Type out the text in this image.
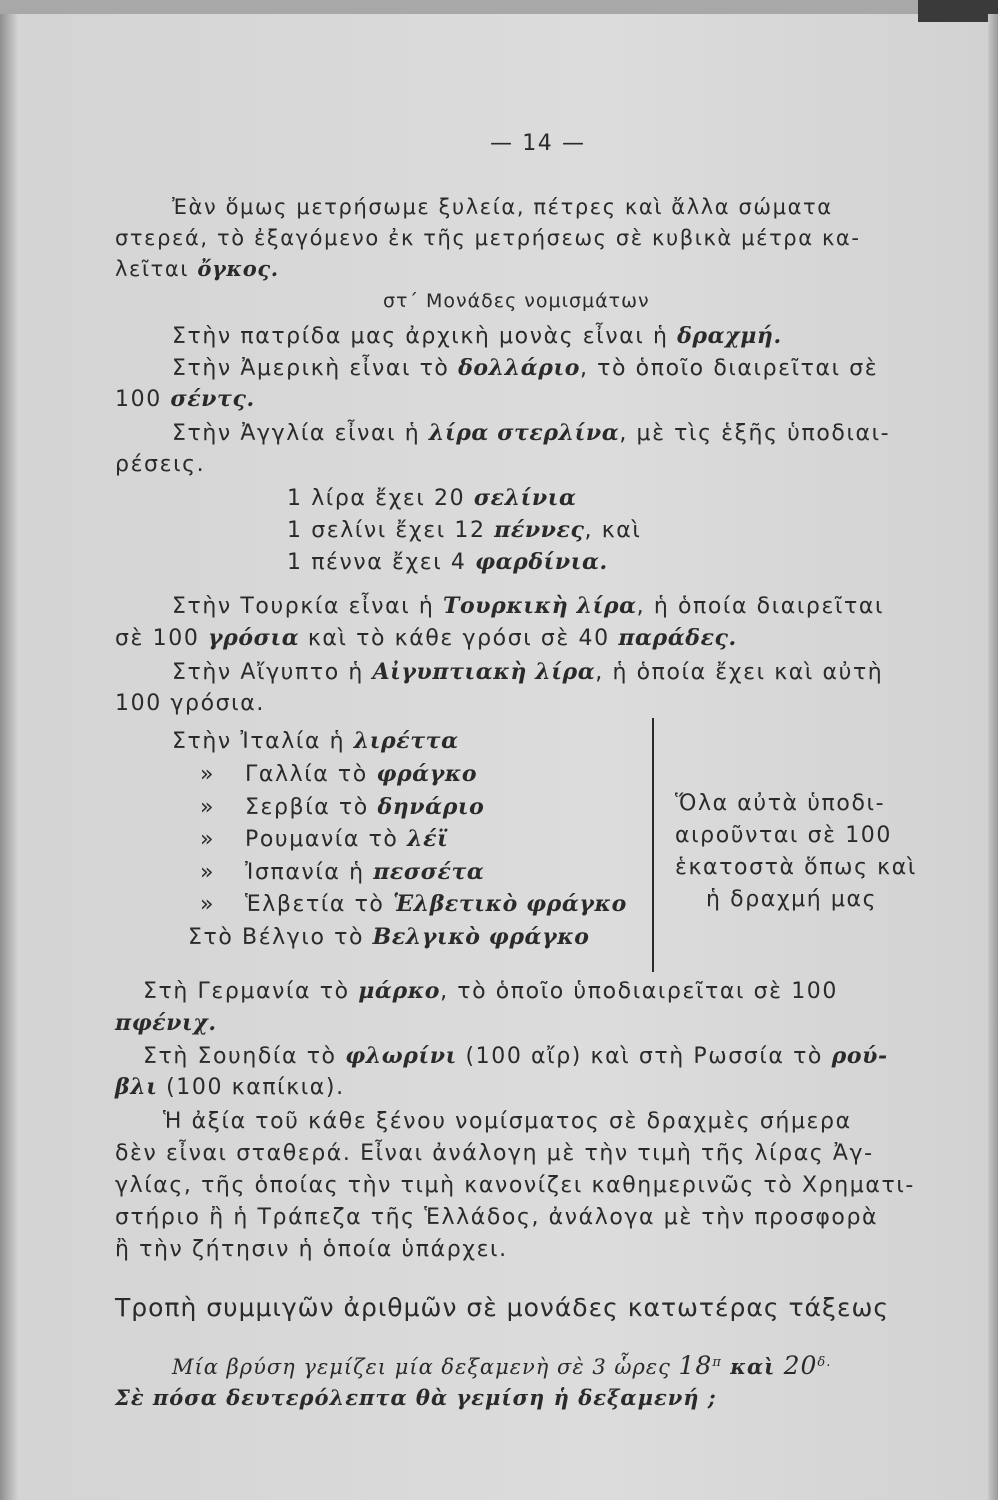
— 14 —
Ἐὰν ὅμως μετρήσωμε ξυλεία, πέτρες καὶ ἄλλα σώματα
στερεά, τὸ ἐξαγόμενο ἐκ τῆς μετρήσεως σὲ κυβικὰ μέτρα κα-
λεῖται ὄγκος.
στ΄ Μονάδες νομισμάτων
Στὴν πατρίδα μας ἀρχικὴ μονὰς εἶναι ἡ δραχμή.
Στὴν Ἀμερικὴ εἶναι τὸ δολλάριο, τὸ ὁποῖο διαιρεῖται σὲ
100 σέντς.
Στὴν Ἀγγλία εἶναι ἡ λίρα στερλίνα, μὲ τὶς ἑξῆς ὑποδιαι-
ρέσεις.
1 λίρα ἔχει 20 σελίνια
1 σελίνι ἔχει 12 πέννες, καὶ
1 πέννα ἔχει 4 φαρδίνια.
Στὴν Τουρκία εἶναι ἡ Τουρκικὴ λίρα, ἡ ὁποία διαιρεῖται
σὲ 100 γρόσια καὶ τὸ κάθε γρόσι σὲ 40 παράδες.
Στὴν Αἴγυπτο ἡ Αἰγυπτιακὴ λίρα, ἡ ὁποία ἔχει καὶ αὐτὴ
100 γρόσια.
Στὴν Ἰταλία ἡ λιρέττα
» Γαλλία τὸ φράγκο
» Σερβία τὸ δηνάριο
» Ρουμανία τὸ λέϊ
» Ἰσπανία ἡ πεσσέτα
» Ἑλβετία τὸ Ἑλβετικὸ φράγκο
Στὸ Βέλγιο τὸ Βελγικὸ φράγκο
Ὅλα αὐτὰ ὑποδι-
αιροῦνται σὲ 100
ἑκατοστὰ ὅπως καὶ
ἡ δραχμή μας
Στὴ Γερμανία τὸ μάρκο, τὸ ὁποῖο ὑποδιαιρεῖται σὲ 100
πφένιχ.
Στὴ Σουηδία τὸ φλωρίνι (100 αἴρ) καὶ στὴ Ρωσσία τὸ ρού-
βλι (100 καπίκια).
Ἡ ἀξία τοῦ κάθε ξένου νομίσματος σὲ δραχμὲς σήμερα
δὲν εἶναι σταθερά. Εἶναι ἀνάλογη μὲ τὴν τιμὴ τῆς λίρας Ἀγ-
γλίας, τῆς ὁποίας τὴν τιμὴ κανονίζει καθημερινῶς τὸ Χρηματι-
στήριο ἢ ἡ Τράπεζα τῆς Ἑλλάδος, ἀνάλογα μὲ τὴν προσφορὰ
ἢ τὴν ζήτησιν ἡ ὁποία ὑπάρχει.
Τροπὴ συμμιγῶν ἀριθμῶν σὲ μονάδες κατωτέρας τάξεως
Μία βρύση γεμίζει μία δεξαμενὴ σὲ 3 ὧρες $18^\pi$ καὶ $20^{\delta.}$
Σὲ πόσα δευτερόλεπτα θὰ γεμίση ἡ δεξαμενή ;
